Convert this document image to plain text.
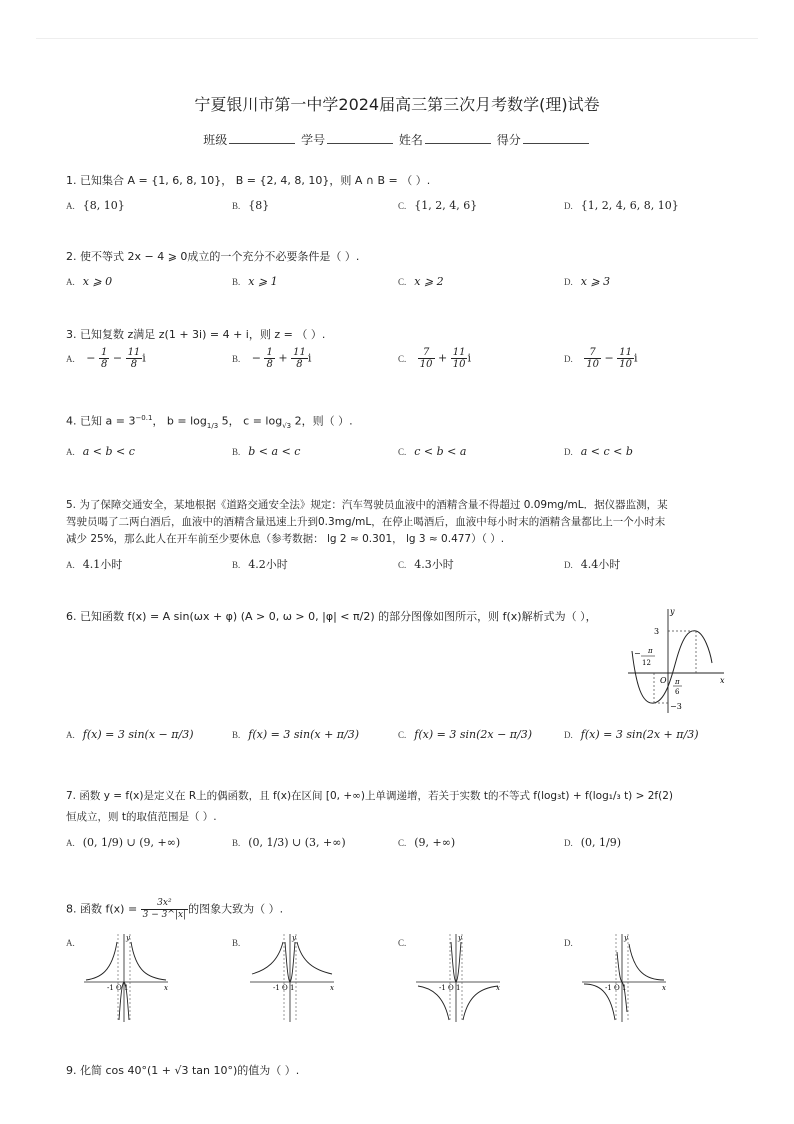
宁夏银川市第一中学2024届高三第三次月考数学(理)试卷
班级	学号	姓名	得分
1. 已知集合 A = {1, 6, 8, 10}， B = {2, 4, 8, 10}，则 A ∩ B = （ ）.
A. {8, 10}	B. {8}	C. {1, 2, 4, 6}	D. {1, 2, 4, 6, 8, 10}
2. 使不等式 2x − 4 ⩾ 0成立的一个充分不必要条件是（ ）.
A. x ⩾ 0	B. x ⩾ 1	C. x ⩾ 2	D. x ⩾ 3
3. 已知复数 z满足 z(1 + 3i) = 4 + i，则 z = （ ）.
A. − $\frac{1}{8} - \frac{11}{8}$ i	B. − $\frac{1}{8} + \frac{11}{8}$ i	C. $\frac{7}{10} + \frac{11}{10}$ i	D. $\frac{7}{10} - \frac{11}{10}$ i
4. 已知 $a = 3^{-0.1}$， $b = \log_{1/3} 5$， $c = \log_{√3} 2$，则（ ）.
A. a < b < c	B. b < a < c	C. c < b < a	D. a < c < b
5. 为了保障交通安全，某地根据《道路交通安全法》规定：汽车驾驶员血液中的酒精含量不得超过 0.09mg/mL．据仪器监测，某
驾驶员喝了二两白酒后，血液中的酒精含量迅速上升到0.3mg/mL，在停止喝酒后，血液中每小时末的酒精含量都比上一个小时末
减少 25%，那么此人在开车前至少要休息（参考数据： lg 2 ≈ 0.301， lg 3 ≈ 0.477）（ ）.
A. 4.1小时	B. 4.2小时	C. 4.3小时	D. 4.4小时
6. 已知函数 f(x) = A sin(ωx + φ) (A > 0, ω > 0, |φ| < π/2) 的部分图像如图所示，则 f(x)解析式为（ ），	y
x
O
3
−3
π
−
12
π
6
A. f(x) = 3 sin(x − π/3)	B. f(x) = 3 sin(x + π/3)	C. f(x) = 3 sin(2x − π/3)	D. f(x) = 3 sin(2x + π/3)
7. 函数 y = f(x)是定义在 R上的偶函数，且 f(x)在区间 [0, +∞)上单调递增，若关于实数 t的不等式 f(log₃t) + f(log₁/₃ t) > 2f(2)
恒成立，则 t的取值范围是（ ）.
A. (0, 1/9) ∪ (9, +∞)	B. (0, 1/3) ∪ (3, +∞)	C. (9, +∞)	D. (0, 1/9)
8. 函数 $f(x) = \frac{\text{3x²}}{3 - 3\^{}|x|}$ 的图象大致为（ ）.
A.	y
x
-1 O 1
B.	y
x
-1 O 1
C.	y
x
-1 O 1
D.	y
x
-1 O 1
9. 化简 cos 40°(1 + √3 tan 10°)的值为（ ）.
